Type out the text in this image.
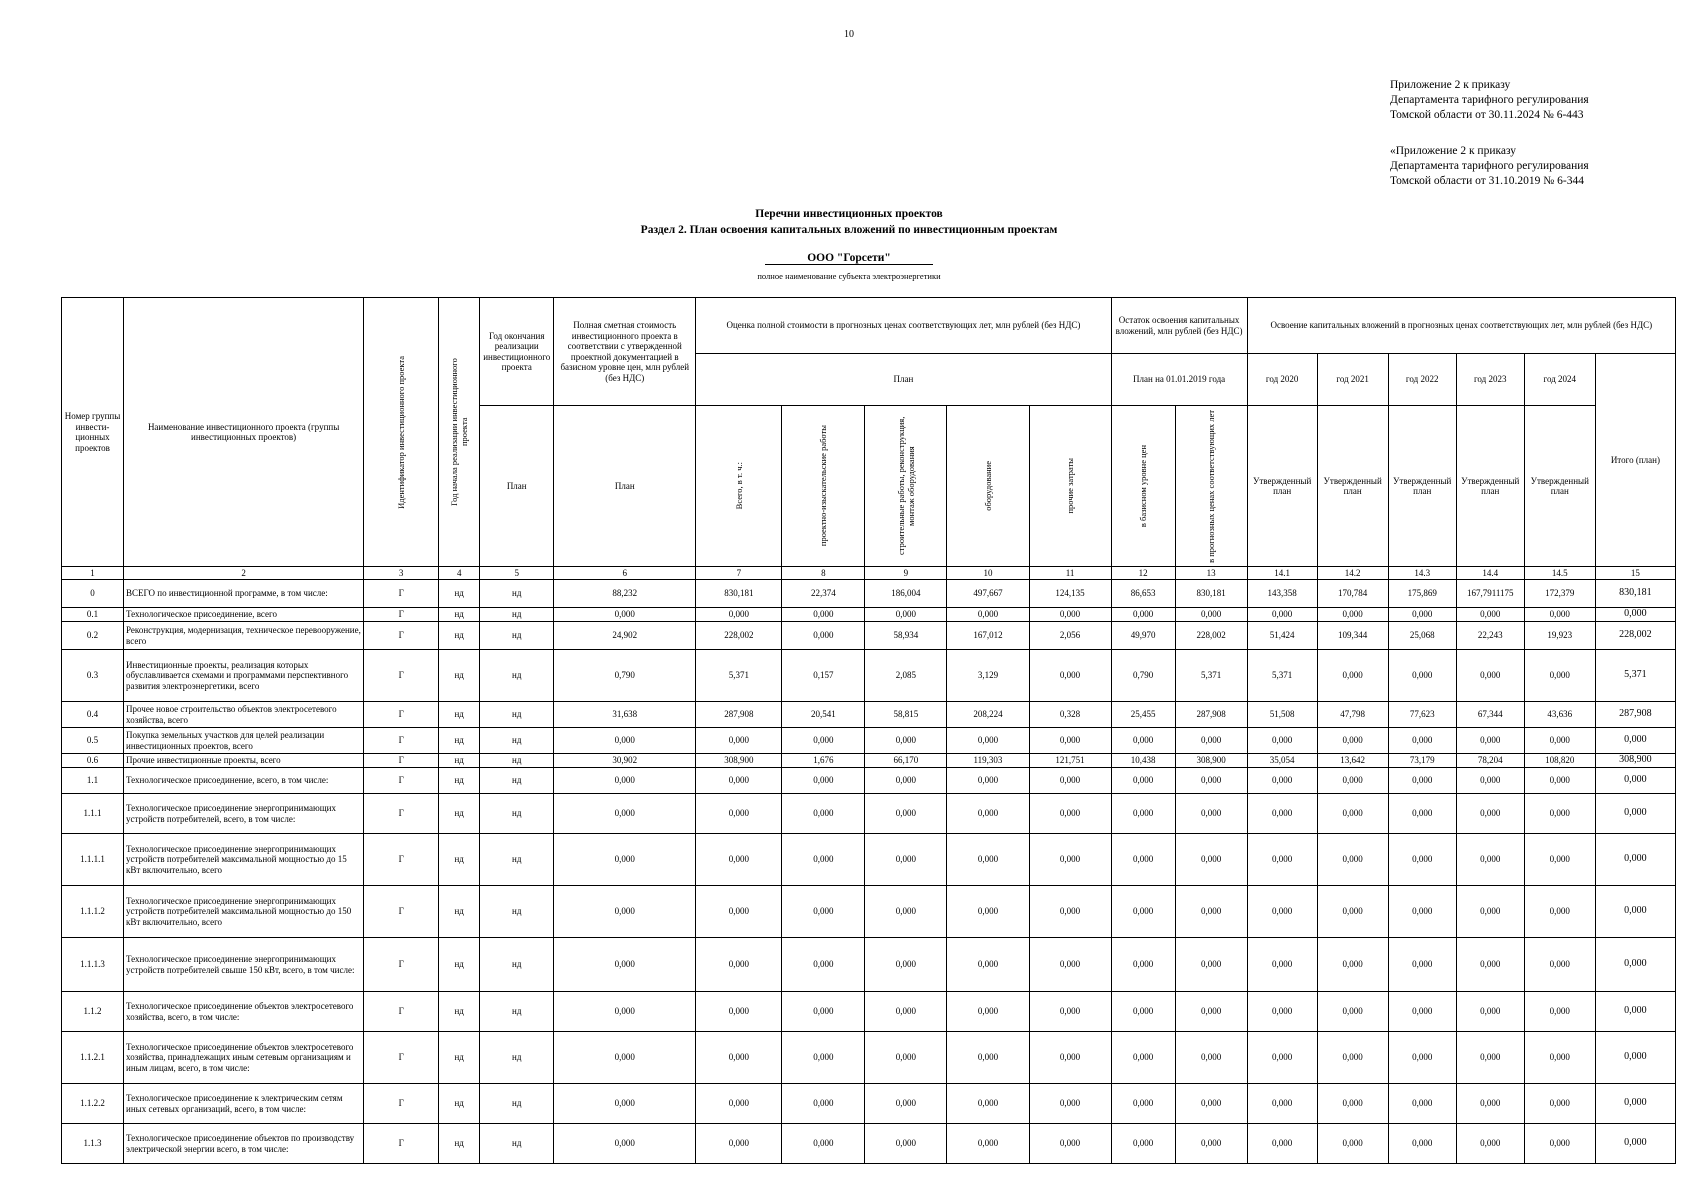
10
Приложение 2 к приказу
Департамента тарифного регулирования
Томской области от 30.11.2024 № 6-443
«Приложение 2 к приказу
Департамента тарифного регулирования
Томской области от 31.10.2019 № 6-344
Перечни инвестиционных проектов
Раздел 2. План освоения капитальных вложений по инвестиционным проектам
ООО "Горсети"
полное наименование субъекта электроэнергетики
Номер группы инвести-ционных проектов	Наименование инвестиционного проекта (группы инвестиционных проектов)	Идентификатор инвестиционного проекта	Год начала реализации инвестиционного проекта	Год окончания реализации инвестиционного проекта	Полная сметная стоимость инвестиционного проекта в соответствии с утвержденной проектной документацией в базисном уровне цен, млн рублей (без НДС)	Оценка полной стоимости в прогнозных ценах соответствующих лет, млн рублей (без НДС)					Остаток освоения капитальных вложений, млн рублей (без НДС)		Освоение капитальных вложений в прогнозных ценах соответствующих лет, млн рублей (без НДС)					
						План					План на 01.01.2019 года		год 2020	год 2021	год 2022	год 2023	год 2024	Итого (план)
				План	План	Всего, в т. ч.:	проектно-изыскательские работы	строительные работы, реконструкция, монтаж оборудования	оборудование	прочие затраты	в базисном уровне цен	в прогнозных ценах соответствующих лет	Утвержденный план	Утвержденный план	Утвержденный план	Утвержденный план	Утвержденный план	
1	2	3	4	5	6	7	8	9	10	11	12	13	14.1	14.2	14.3	14.4	14.5	15
0	ВСЕГО по инвестиционной программе, в том числе:	Г	нд	нд	88,232	830,181	22,374	186,004	497,667	124,135	86,653	830,181	143,358	170,784	175,869	167,7911175	172,379	830,181
0.1	Технологическое присоединение, всего	Г	нд	нд	0,000	0,000	0,000	0,000	0,000	0,000	0,000	0,000	0,000	0,000	0,000	0,000	0,000	0,000
0.2	Реконструкция, модернизация, техническое перевооружение, всего	Г	нд	нд	24,902	228,002	0,000	58,934	167,012	2,056	49,970	228,002	51,424	109,344	25,068	22,243	19,923	228,002
0.3	Инвестиционные проекты, реализация которых обуславливается схемами и программами перспективного развития электроэнергетики, всего	Г	нд	нд	0,790	5,371	0,157	2,085	3,129	0,000	0,790	5,371	5,371	0,000	0,000	0,000	0,000	5,371
0.4	Прочее новое строительство объектов электросетевого хозяйства, всего	Г	нд	нд	31,638	287,908	20,541	58,815	208,224	0,328	25,455	287,908	51,508	47,798	77,623	67,344	43,636	287,908
0.5	Покупка земельных участков для целей реализации инвестиционных проектов, всего	Г	нд	нд	0,000	0,000	0,000	0,000	0,000	0,000	0,000	0,000	0,000	0,000	0,000	0,000	0,000	0,000
0.6	Прочие инвестиционные проекты, всего	Г	нд	нд	30,902	308,900	1,676	66,170	119,303	121,751	10,438	308,900	35,054	13,642	73,179	78,204	108,820	308,900
1.1	Технологическое присоединение, всего, в том числе:	Г	нд	нд	0,000	0,000	0,000	0,000	0,000	0,000	0,000	0,000	0,000	0,000	0,000	0,000	0,000	0,000
1.1.1	Технологическое присоединение энергопринимающих устройств потребителей, всего, в том числе:	Г	нд	нд	0,000	0,000	0,000	0,000	0,000	0,000	0,000	0,000	0,000	0,000	0,000	0,000	0,000	0,000
1.1.1.1	Технологическое присоединение энергопринимающих устройств потребителей максимальной мощностью до 15 кВт включительно, всего	Г	нд	нд	0,000	0,000	0,000	0,000	0,000	0,000	0,000	0,000	0,000	0,000	0,000	0,000	0,000	0,000
1.1.1.2	Технологическое присоединение энергопринимающих устройств потребителей максимальной мощностью до 150 кВт включительно, всего	Г	нд	нд	0,000	0,000	0,000	0,000	0,000	0,000	0,000	0,000	0,000	0,000	0,000	0,000	0,000	0,000
1.1.1.3	Технологическое присоединение энергопринимающих устройств потребителей свыше 150 кВт, всего, в том числе:	Г	нд	нд	0,000	0,000	0,000	0,000	0,000	0,000	0,000	0,000	0,000	0,000	0,000	0,000	0,000	0,000
1.1.2	Технологическое присоединение объектов электросетевого хозяйства, всего, в том числе:	Г	нд	нд	0,000	0,000	0,000	0,000	0,000	0,000	0,000	0,000	0,000	0,000	0,000	0,000	0,000	0,000
1.1.2.1	Технологическое присоединение объектов электросетевого хозяйства, принадлежащих иным сетевым организациям и иным лицам, всего, в том числе:	Г	нд	нд	0,000	0,000	0,000	0,000	0,000	0,000	0,000	0,000	0,000	0,000	0,000	0,000	0,000	0,000
1.1.2.2	Технологическое присоединение к электрическим сетям иных сетевых организаций, всего, в том числе:	Г	нд	нд	0,000	0,000	0,000	0,000	0,000	0,000	0,000	0,000	0,000	0,000	0,000	0,000	0,000	0,000
1.1.3	Технологическое присоединение объектов по производству электрической энергии всего, в том числе:	Г	нд	нд	0,000	0,000	0,000	0,000	0,000	0,000	0,000	0,000	0,000	0,000	0,000	0,000	0,000	0,000
